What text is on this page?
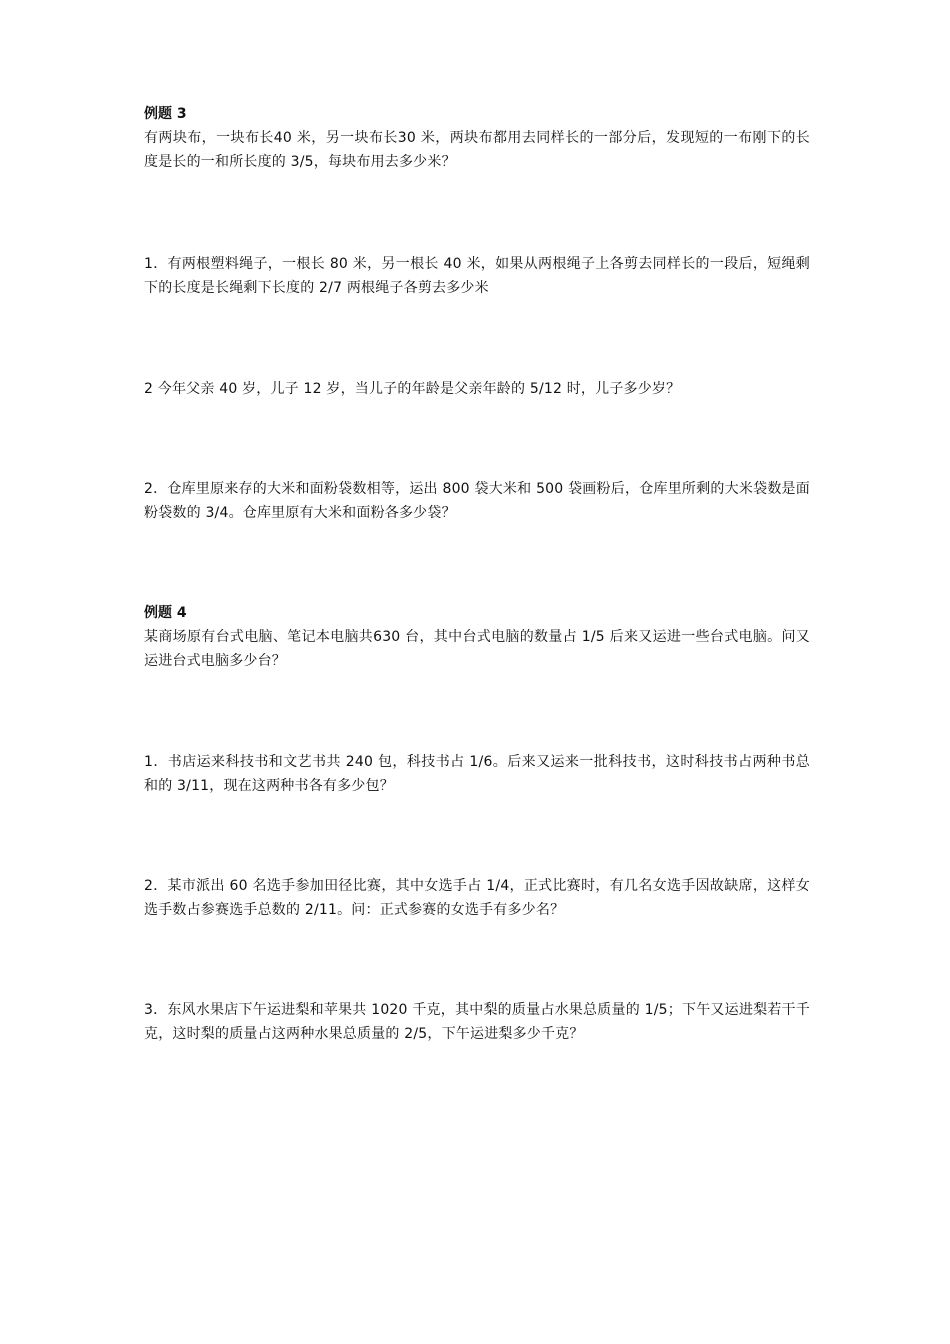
例题 3
有两块布，一块布长40 米，另一块布长30 米，两块布都用去同样长的一部分后，发现短的一布刚下的长度是长的一和所长度的 3/5，每块布用去多少米？
1．有两根塑料绳子，一根长 80 米，另一根长 40 米，如果从两根绳子上各剪去同样长的一段后，短绳剩下的长度是长绳剩下长度的 2/7 两根绳子各剪去多少米
2 今年父亲 40 岁，儿子 12 岁，当儿子的年龄是父亲年龄的 5/12 时，儿子多少岁？
2．仓库里原来存的大米和面粉袋数相等，运出 800 袋大米和 500 袋画粉后，仓库里所剩的大米袋数是面粉袋数的 3/4。仓库里原有大米和面粉各多少袋？
例题 4
某商场原有台式电脑、笔记本电脑共630 台，其中台式电脑的数量占 1/5 后来又运进一些台式电脑。问又运进台式电脑多少台？
1．书店运来科技书和文艺书共 240 包，科技书占 1/6。后来又运来一批科技书，这时科技书占两种书总和的 3/11，现在这两种书各有多少包？
2．某市派出 60 名选手参加田径比赛，其中女选手占 1/4，正式比赛时，有几名女选手因故缺席，这样女选手数占参赛选手总数的 2/11。问：正式参赛的女选手有多少名？
3．东风水果店下午运进梨和苹果共 1020 千克，其中梨的质量占水果总质量的 1/5；下午又运进梨若干千克，这时梨的质量占这两种水果总质量的 2/5，下午运进梨多少千克？
